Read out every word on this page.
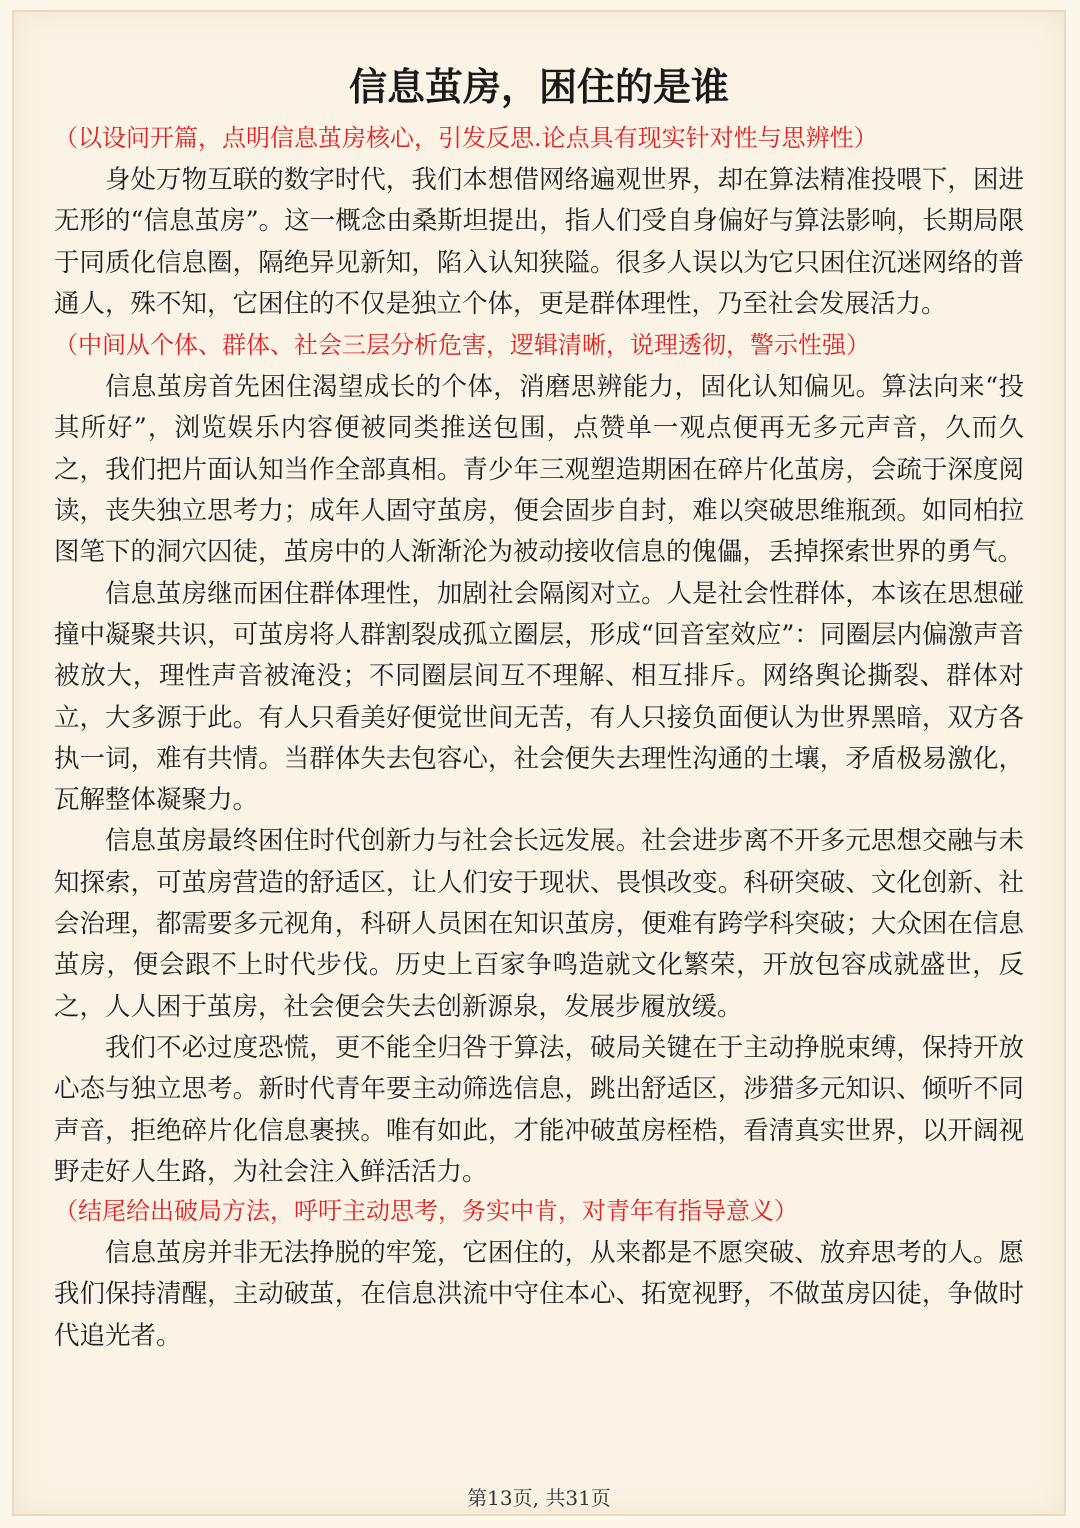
信息茧房，困住的是谁
（以设问开篇，点明信息茧房核心，引发反思.论点具有现实针对性与思辨性）

身处万物互联的数字时代，我们本想借网络遍观世界，却在算法精准投喂下，困进无形的“信息茧房”。这一概念由桑斯坦提出，指人们受自身偏好与算法影响，长期局限于同质化信息圈，隔绝异见新知，陷入认知狭隘。很多人误以为它只困住沉迷网络的普通人，殊不知，它困住的不仅是独立个体，更是群体理性，乃至社会发展活力。

（中间从个体、群体、社会三层分析危害，逻辑清晰，说理透彻，警示性强）

信息茧房首先困住渴望成长的个体，消磨思辨能力，固化认知偏见。算法向来“投其所好”，浏览娱乐内容便被同类推送包围，点赞单一观点便再无多元声音，久而久之，我们把片面认知当作全部真相。青少年三观塑造期困在碎片化茧房，会疏于深度阅读，丧失独立思考力；成年人固守茧房，便会固步自封，难以突破思维瓶颈。如同柏拉图笔下的洞穴囚徒，茧房中的人渐渐沦为被动接收信息的傀儡，丢掉探索世界的勇气。

信息茧房继而困住群体理性，加剧社会隔阂对立。人是社会性群体，本该在思想碰撞中凝聚共识，可茧房将人群割裂成孤立圈层，形成“回音室效应”：同圈层内偏激声音被放大，理性声音被淹没；不同圈层间互不理解、相互排斥。网络舆论撕裂、群体对立，大多源于此。有人只看美好便觉世间无苦，有人只接负面便认为世界黑暗，双方各执一词，难有共情。当群体失去包容心，社会便失去理性沟通的土壤，矛盾极易激化，瓦解整体凝聚力。

信息茧房最终困住时代创新力与社会长远发展。社会进步离不开多元思想交融与未知探索，可茧房营造的舒适区，让人们安于现状、畏惧改变。科研突破、文化创新、社会治理，都需要多元视角，科研人员困在知识茧房，便难有跨学科突破；大众困在信息茧房，便会跟不上时代步伐。历史上百家争鸣造就文化繁荣，开放包容成就盛世，反之，人人困于茧房，社会便会失去创新源泉，发展步履放缓。

我们不必过度恐慌，更不能全归咎于算法，破局关键在于主动挣脱束缚，保持开放心态与独立思考。新时代青年要主动筛选信息，跳出舒适区，涉猎多元知识、倾听不同声音，拒绝碎片化信息裹挟。唯有如此，才能冲破茧房桎梏，看清真实世界，以开阔视野走好人生路，为社会注入鲜活活力。

（结尾给出破局方法，呼吁主动思考，务实中肯，对青年有指导意义）

信息茧房并非无法挣脱的牢笼，它困住的，从来都是不愿突破、放弃思考的人。愿我们保持清醒，主动破茧，在信息洪流中守住本心、拓宽视野，不做茧房囚徒，争做时代追光者。

第13页, 共31页
